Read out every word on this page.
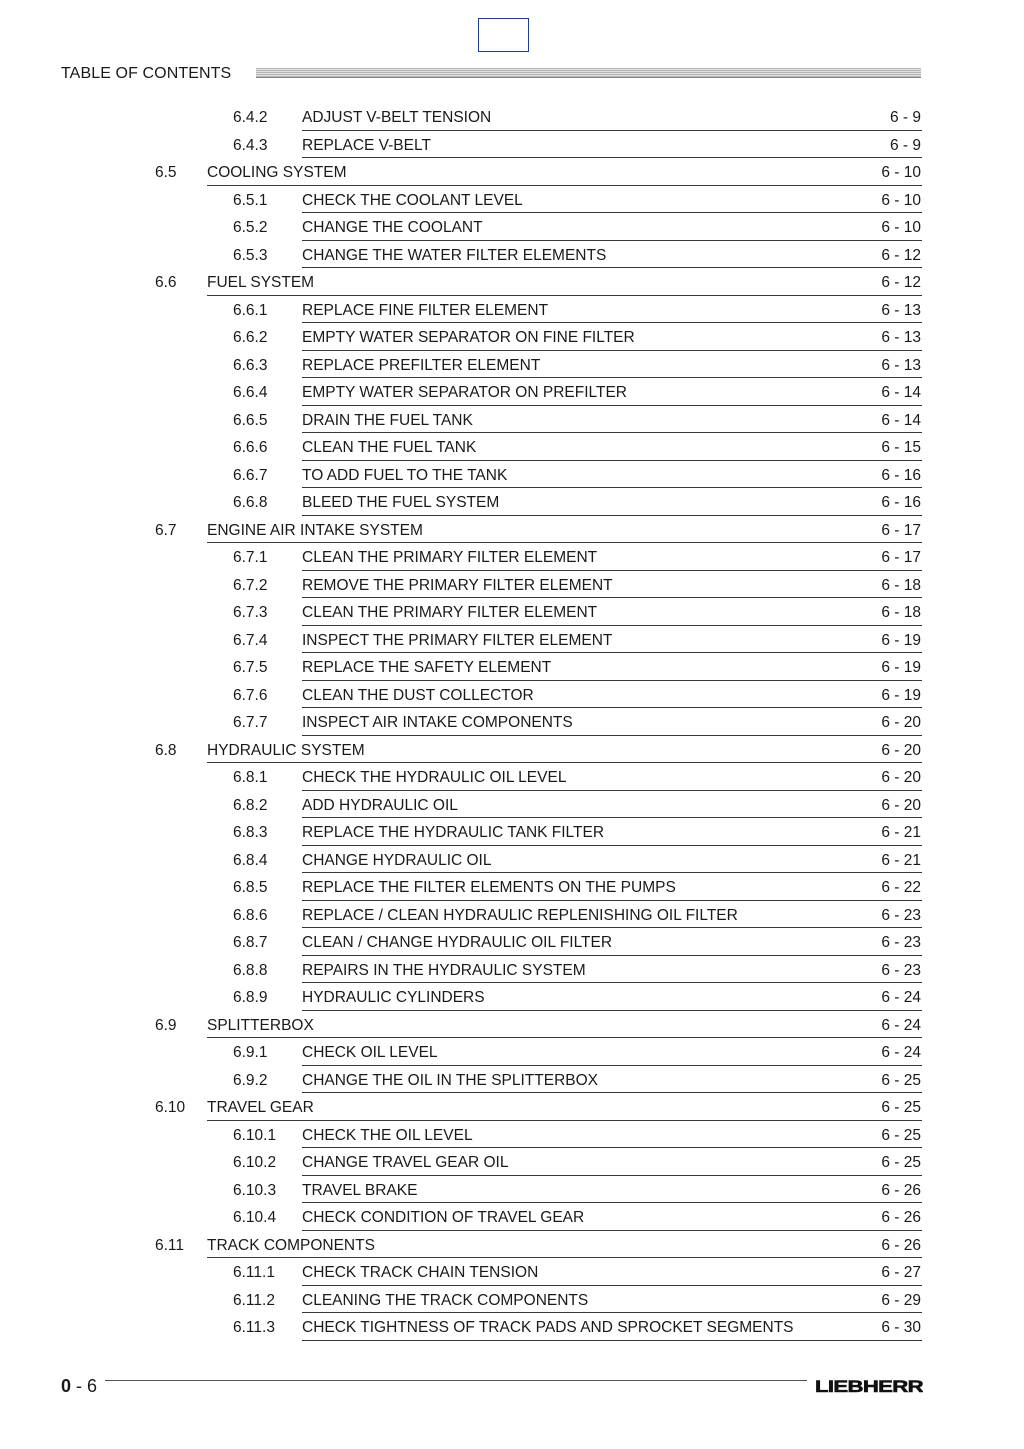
TABLE OF CONTENTS
6.4.2 ADJUST V-BELT TENSION	6 - 9
6.4.3 REPLACE V-BELT	6 - 9
6.5 COOLING SYSTEM	6 - 10
6.5.1 CHECK THE COOLANT LEVEL	6 - 10
6.5.2 CHANGE THE COOLANT	6 - 10
6.5.3 CHANGE THE WATER FILTER ELEMENTS	6 - 12
6.6 FUEL SYSTEM	6 - 12
6.6.1 REPLACE FINE FILTER ELEMENT	6 - 13
6.6.2 EMPTY WATER SEPARATOR ON FINE FILTER	6 - 13
6.6.3 REPLACE PREFILTER ELEMENT	6 - 13
6.6.4 EMPTY WATER SEPARATOR ON PREFILTER	6 - 14
6.6.5 DRAIN THE FUEL TANK	6 - 14
6.6.6 CLEAN THE FUEL TANK	6 - 15
6.6.7 TO ADD FUEL TO THE TANK	6 - 16
6.6.8 BLEED THE FUEL SYSTEM	6 - 16
6.7 ENGINE AIR INTAKE SYSTEM	6 - 17
6.7.1 CLEAN THE PRIMARY FILTER ELEMENT	6 - 17
6.7.2 REMOVE THE PRIMARY FILTER ELEMENT	6 - 18
6.7.3 CLEAN THE PRIMARY FILTER ELEMENT	6 - 18
6.7.4 INSPECT THE PRIMARY FILTER ELEMENT	6 - 19
6.7.5 REPLACE THE SAFETY ELEMENT	6 - 19
6.7.6 CLEAN THE DUST COLLECTOR	6 - 19
6.7.7 INSPECT AIR INTAKE COMPONENTS	6 - 20
6.8 HYDRAULIC SYSTEM	6 - 20
6.8.1 CHECK THE HYDRAULIC OIL LEVEL	6 - 20
6.8.2 ADD HYDRAULIC OIL	6 - 20
6.8.3 REPLACE THE HYDRAULIC TANK FILTER	6 - 21
6.8.4 CHANGE HYDRAULIC OIL	6 - 21
6.8.5 REPLACE THE FILTER ELEMENTS ON THE PUMPS	6 - 22
6.8.6 REPLACE / CLEAN HYDRAULIC REPLENISHING OIL FILTER	6 - 23
6.8.7 CLEAN / CHANGE HYDRAULIC OIL FILTER	6 - 23
6.8.8 REPAIRS IN THE HYDRAULIC SYSTEM	6 - 23
6.8.9 HYDRAULIC CYLINDERS	6 - 24
6.9 SPLITTERBOX	6 - 24
6.9.1 CHECK OIL LEVEL	6 - 24
6.9.2 CHANGE THE OIL IN THE SPLITTERBOX	6 - 25
6.10 TRAVEL GEAR	6 - 25
6.10.1 CHECK THE OIL LEVEL	6 - 25
6.10.2 CHANGE TRAVEL GEAR OIL	6 - 25
6.10.3 TRAVEL BRAKE	6 - 26
6.10.4 CHECK CONDITION OF TRAVEL GEAR	6 - 26
6.11 TRACK COMPONENTS	6 - 26
6.11.1 CHECK TRACK CHAIN TENSION	6 - 27
6.11.2 CLEANING THE TRACK COMPONENTS	6 - 29
6.11.3 CHECK TIGHTNESS OF TRACK PADS AND SPROCKET SEGMENTS	6 - 30
0 - 6	LIEBHERR
